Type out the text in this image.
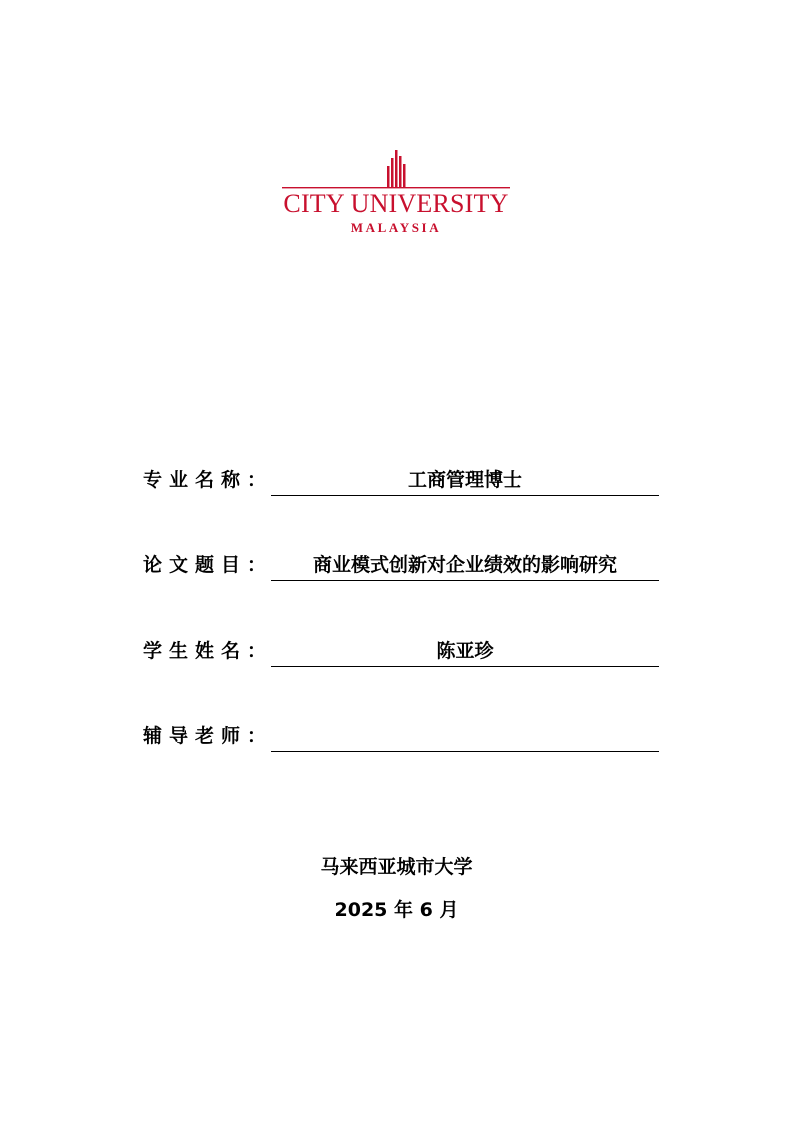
CITY UNIVERSITY
MALAYSIA
专业名称：	工商管理博士
论文题目：	商业模式创新对企业绩效的影响研究
学生姓名：	陈亚珍
辅导老师：
马来西亚城市大学
2025 年 6 月
